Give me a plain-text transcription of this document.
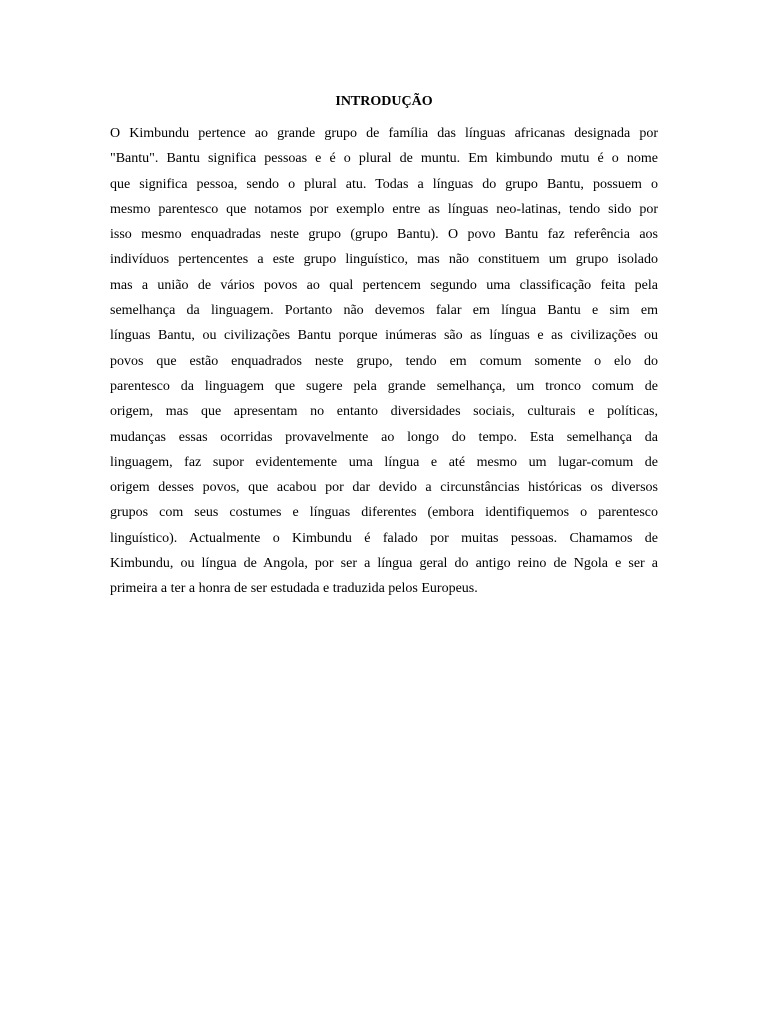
INTRODUÇÃO
O Kimbundu pertence ao grande grupo de família das línguas africanas designada por
"Bantu". Bantu significa pessoas e é o plural de muntu. Em kimbundo mutu é o nome
que significa pessoa, sendo o plural atu. Todas a línguas do grupo Bantu, possuem o
mesmo parentesco que notamos por exemplo entre as línguas neo-latinas, tendo sido por
isso mesmo enquadradas neste grupo (grupo Bantu). O povo Bantu faz referência aos
indivíduos pertencentes a este grupo linguístico, mas não constituem um grupo isolado
mas a união de vários povos ao qual pertencem segundo uma classificação feita pela
semelhança da linguagem. Portanto não devemos falar em língua Bantu e sim em
línguas Bantu, ou civilizações Bantu porque inúmeras são as línguas e as civilizações ou
povos que estão enquadrados neste grupo, tendo em comum somente o elo do
parentesco da linguagem que sugere pela grande semelhança, um tronco comum de
origem, mas que apresentam no entanto diversidades sociais, culturais e políticas,
mudanças essas ocorridas provavelmente ao longo do tempo. Esta semelhança da
linguagem, faz supor evidentemente uma língua e até mesmo um lugar-comum de
origem desses povos, que acabou por dar devido a circunstâncias históricas os diversos
grupos com seus costumes e línguas diferentes (embora identifiquemos o parentesco
linguístico). Actualmente o Kimbundu é falado por muitas pessoas. Chamamos de
Kimbundu, ou língua de Angola, por ser a língua geral do antigo reino de Ngola e ser a
primeira a ter a honra de ser estudada e traduzida pelos Europeus.
